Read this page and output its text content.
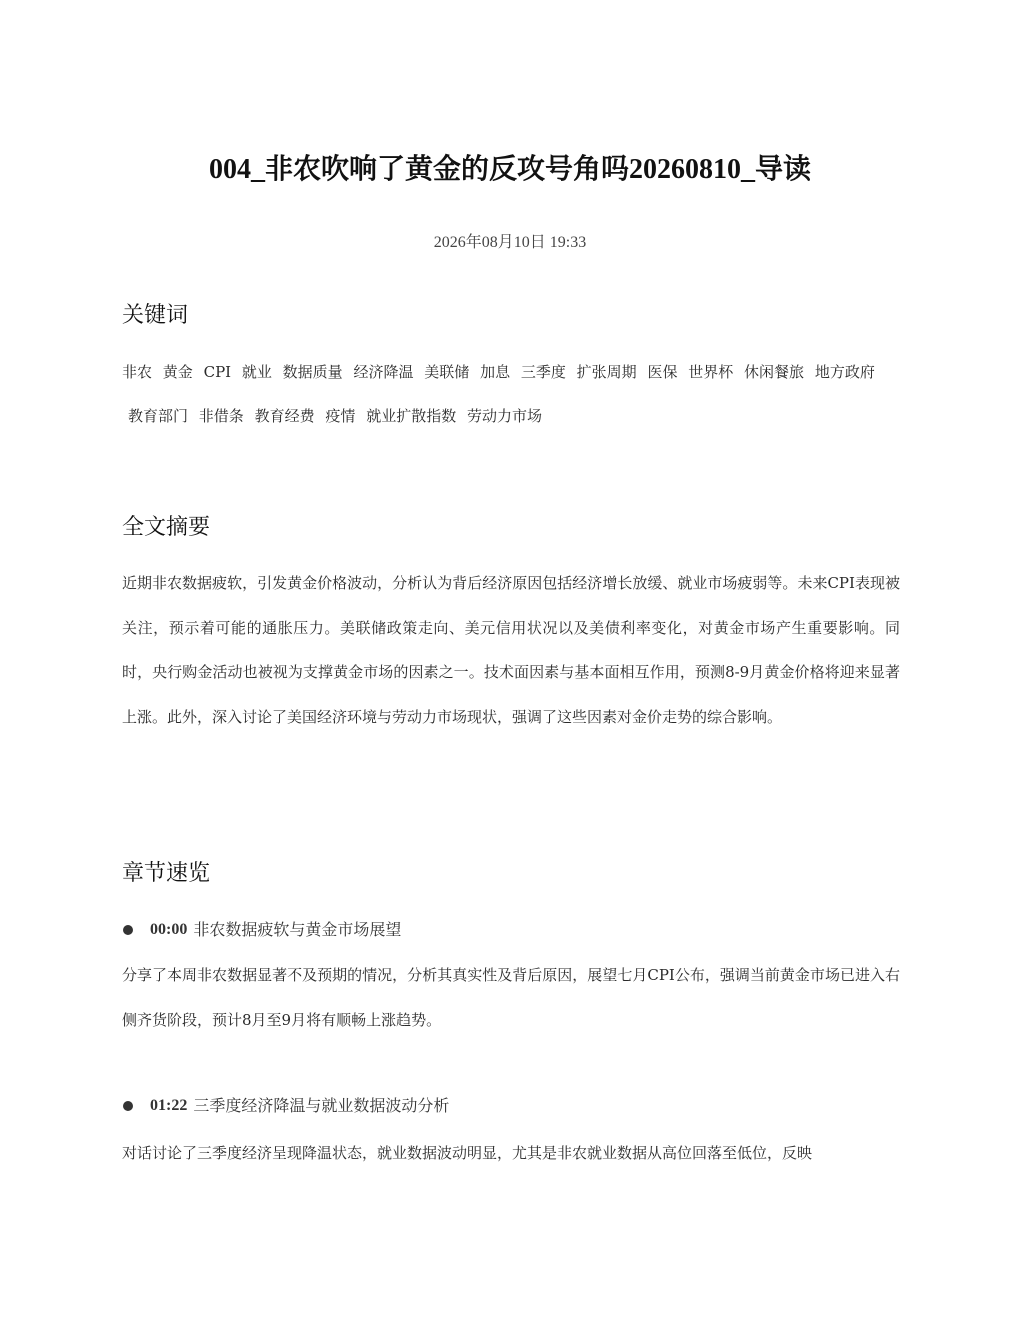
004_非农吹响了黄金的反攻号角吗20260810_导读
2026年08月10日 19:33
关键词
非农 黄金 CPI 就业 数据质量 经济降温 美联储 加息 三季度 扩张周期 医保 世界杯 休闲餐旅 地方政府 教育部门 非借条 教育经费 疫情 就业扩散指数 劳动力市场
全文摘要

近期非农数据疲软，引发黄金价格波动，分析认为背后经济原因包括经济增长放缓、就业市场疲弱等。未来CPI表现被关注，预示着可能的通胀压力。美联储政策走向、美元信用状况以及美债利率变化，对黄金市场产生重要影响。同时，央行购金活动也被视为支撑黄金市场的因素之一。技术面因素与基本面相互作用，预测8-9月黄金价格将迎来显著上涨。此外，深入讨论了美国经济环境与劳动力市场现状，强调了这些因素对金价走势的综合影响。

章节速览
00:00 非农数据疲软与黄金市场展望

分享了本周非农数据显著不及预期的情况，分析其真实性及背后原因，展望七月CPI公布，强调当前黄金市场已进入右侧齐货阶段，预计8月至9月将有顺畅上涨趋势。

01:22 三季度经济降温与就业数据波动分析

对话讨论了三季度经济呈现降温状态，就业数据波动明显，尤其是非农就业数据从高位回落至低位，反映
